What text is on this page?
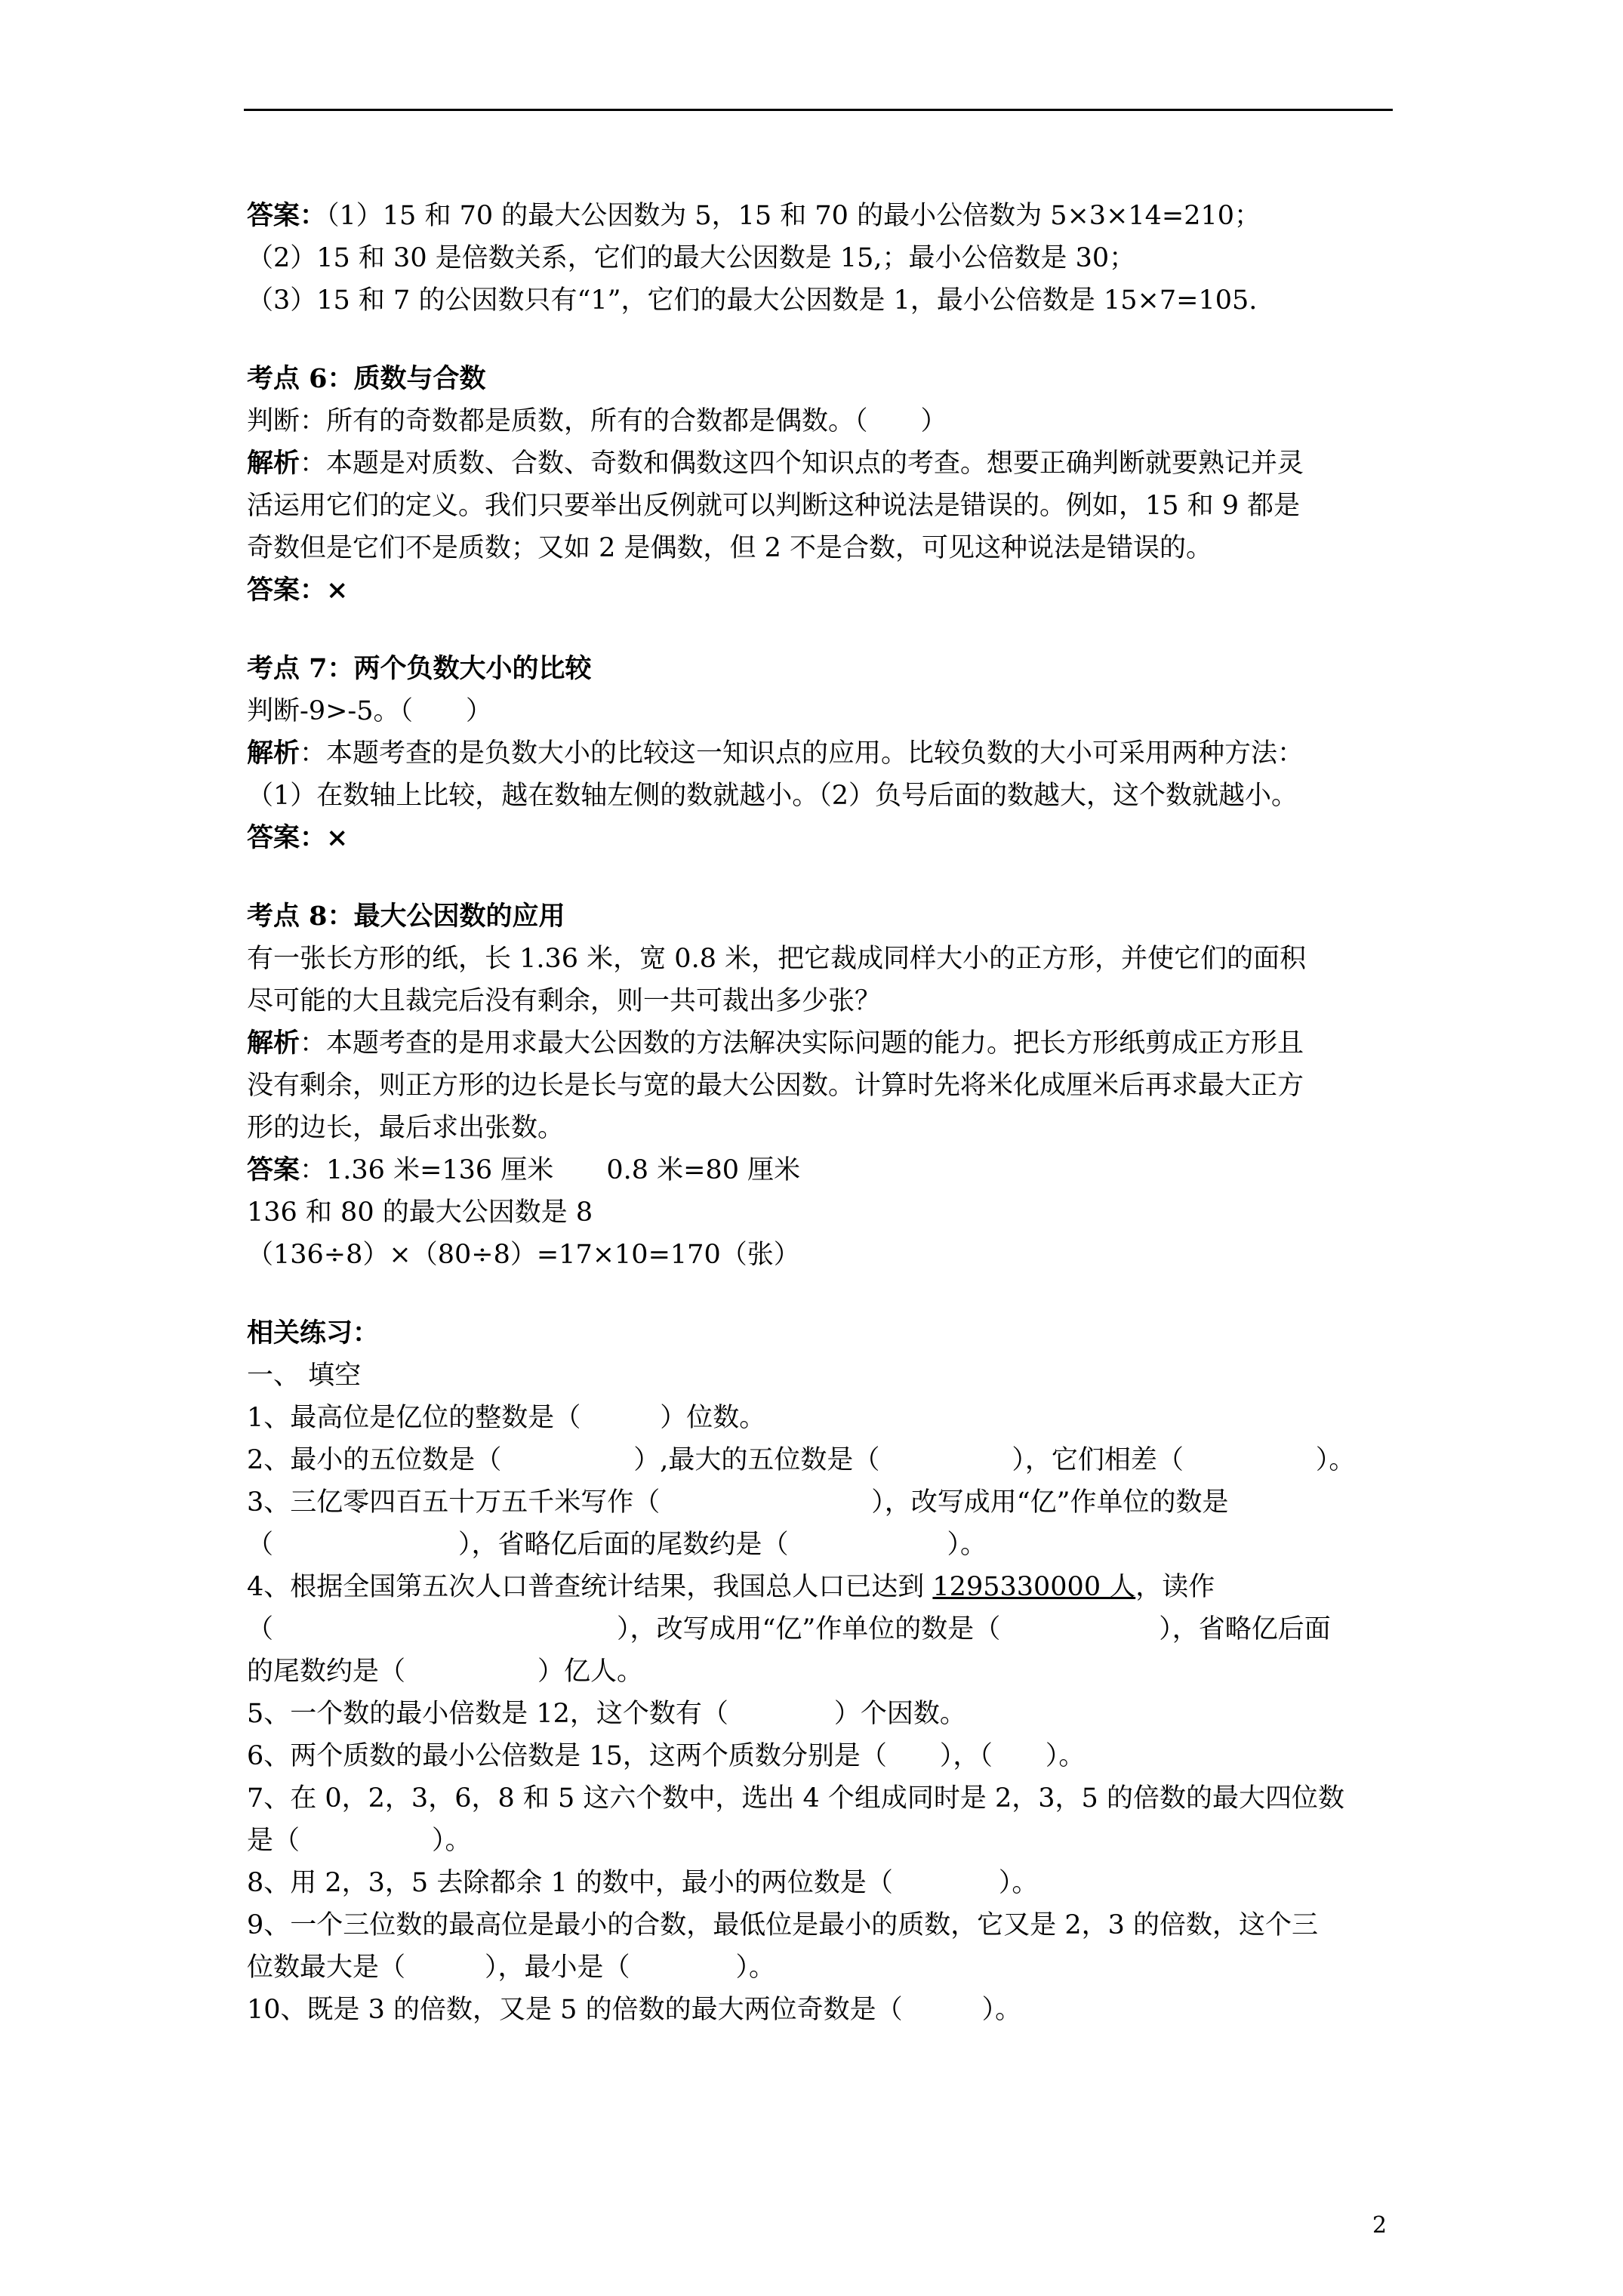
答案：（1）15 和 70 的最大公因数为 5，15 和 70 的最小公倍数为 5×3×14=210；
（2）15 和 30 是倍数关系，它们的最大公因数是 15,；最小公倍数是 30；
（3）15 和 7 的公因数只有“1”，它们的最大公因数是 1，最小公倍数是 15×7=105.
考点 6：质数与合数
判断：所有的奇数都是质数，所有的合数都是偶数。（　　）
解析：本题是对质数、合数、奇数和偶数这四个知识点的考查。想要正确判断就要熟记并灵
活运用它们的定义。我们只要举出反例就可以判断这种说法是错误的。例如，15 和 9 都是
奇数但是它们不是质数；又如 2 是偶数，但 2 不是合数，可见这种说法是错误的。
答案：×
考点 7：两个负数大小的比较
判断-9>-5。（　　）
解析：本题考查的是负数大小的比较这一知识点的应用。比较负数的大小可采用两种方法：
（1）在数轴上比较，越在数轴左侧的数就越小。（2）负号后面的数越大，这个数就越小。
答案：×
考点 8：最大公因数的应用
有一张长方形的纸，长 1.36 米，宽 0.8 米，把它裁成同样大小的正方形，并使它们的面积
尽可能的大且裁完后没有剩余，则一共可裁出多少张？
解析：本题考查的是用求最大公因数的方法解决实际问题的能力。把长方形纸剪成正方形且
没有剩余，则正方形的边长是长与宽的最大公因数。计算时先将米化成厘米后再求最大正方
形的边长，最后求出张数。
答案：1.36 米=136 厘米　　0.8 米=80 厘米
136 和 80 的最大公因数是 8
（136÷8）×（80÷8）=17×10=170（张）
相关练习：
一、 填空
1、最高位是亿位的整数是（　　　）位数。
2、最小的五位数是（　　　　　）,最大的五位数是（　　　　　），它们相差（　　　　　）。
3、三亿零四百五十万五千米写作（　　　　　　　　），改写成用“亿”作单位的数是
（　　　　　　　），省略亿后面的尾数约是（　　　　　　）。
4、根据全国第五次人口普查统计结果，我国总人口已达到 1295330000 人，读作
（　　　　　　　　　　　　　），改写成用“亿”作单位的数是（　　　　　　），省略亿后面
的尾数约是（　　　　　）亿人。
5、一个数的最小倍数是 12，这个数有（　　　　）个因数。
6、两个质数的最小公倍数是 15，这两个质数分别是（　　），（　　）。
7、在 0，2，3，6，8 和 5 这六个数中，选出 4 个组成同时是 2，3，5 的倍数的最大四位数
是（　　　　　）。
8、用 2，3，5 去除都余 1 的数中，最小的两位数是（　　　　）。
9、一个三位数的最高位是最小的合数，最低位是最小的质数，它又是 2，3 的倍数，这个三
位数最大是（　　　），最小是（　　　　）。
10、既是 3 的倍数，又是 5 的倍数的最大两位奇数是（　　　）。
2
